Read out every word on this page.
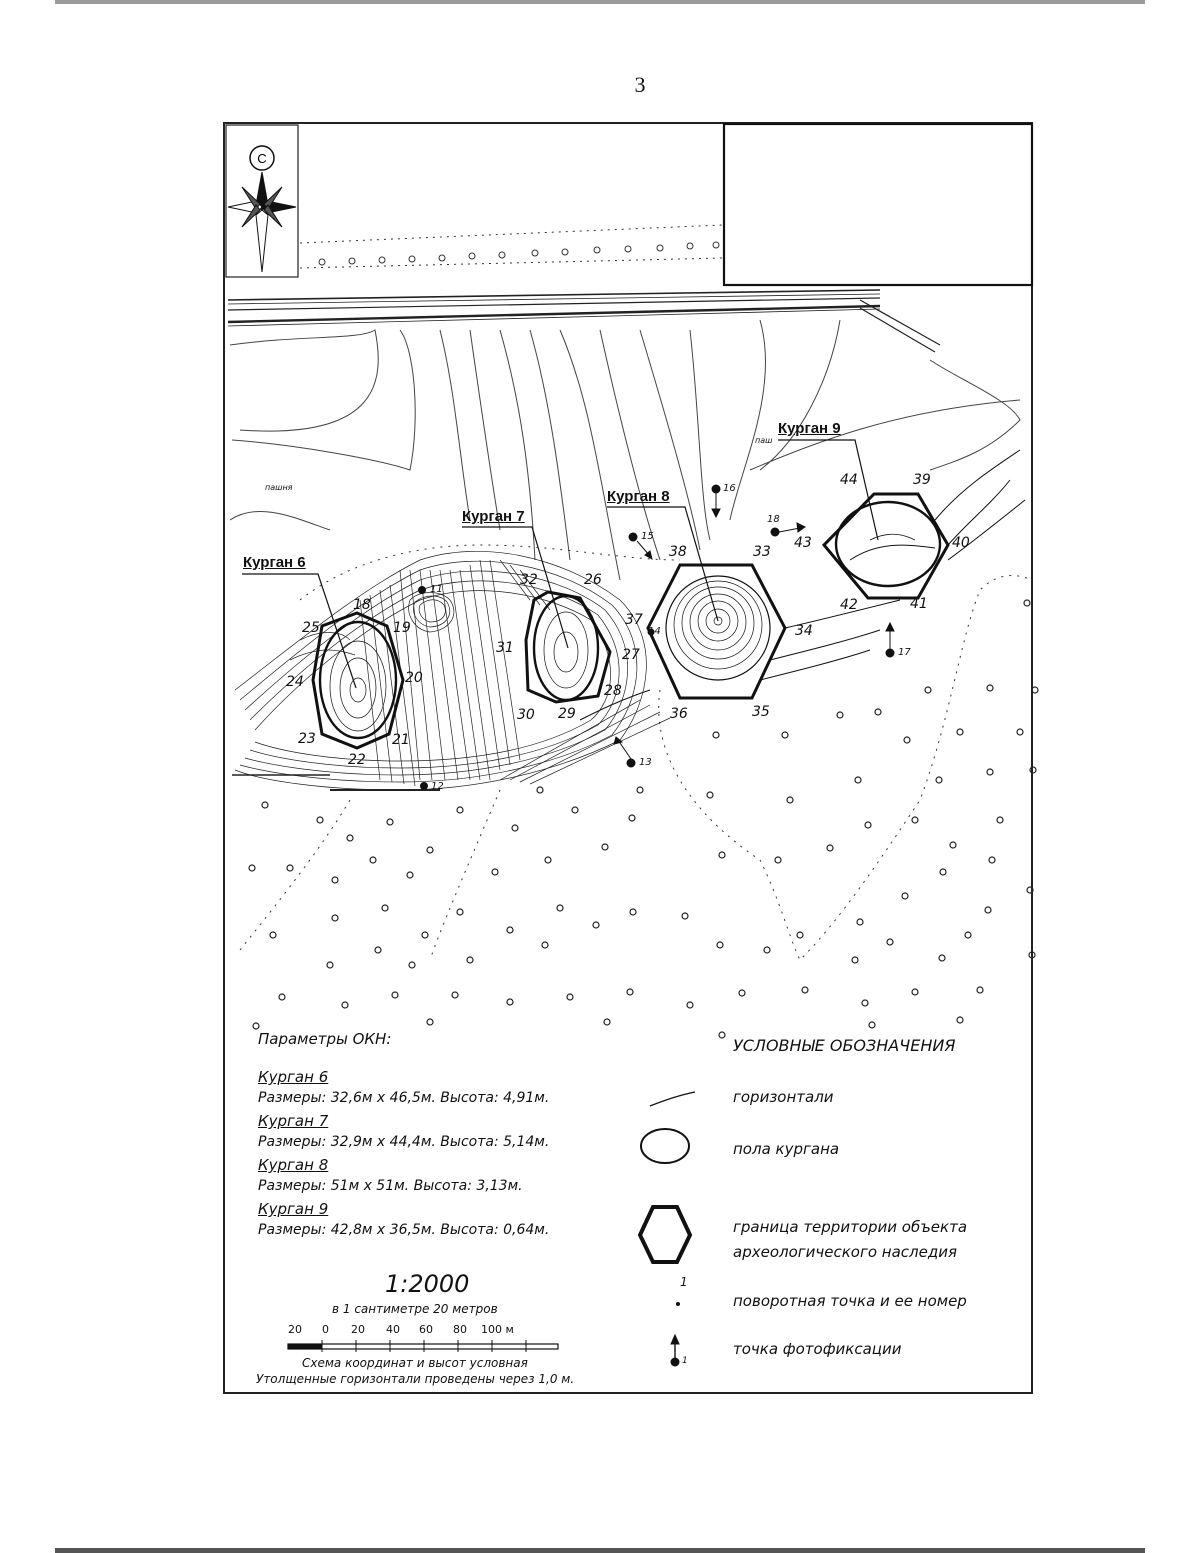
3
С
Курган 6
Курган 7
Курган 8
Курган 9
пашня
паш
18
19
20
21
22
23
24
25
26
27
28
29
30
31
32
33
34
35
36
37
38
39
40
41
42
43
44
11
12
13
14
15
16
17
18
Параметры ОКН:
Курган 6
Размеры: 32,6м х 46,5м. Высота: 4,91м.
Курган 7
Размеры: 32,9м х 44,4м. Высота: 5,14м.
Курган 8
Размеры: 51м х 51м. Высота: 3,13м.
Курган 9
Размеры: 42,8м х 36,5м. Высота: 0,64м.
1:2000
в 1 сантиметре 20 метров
20 0 20 40 60 80 100 м
Схема координат и высот условная
Утолщенные горизонтали проведены через 1,0 м.
УСЛОВНЫЕ ОБОЗНАЧЕНИЯ
горизонтали
пола кургана
граница территории объекта археологического наследия
1
поворотная точка и ее номер
1
точка фотофиксации
